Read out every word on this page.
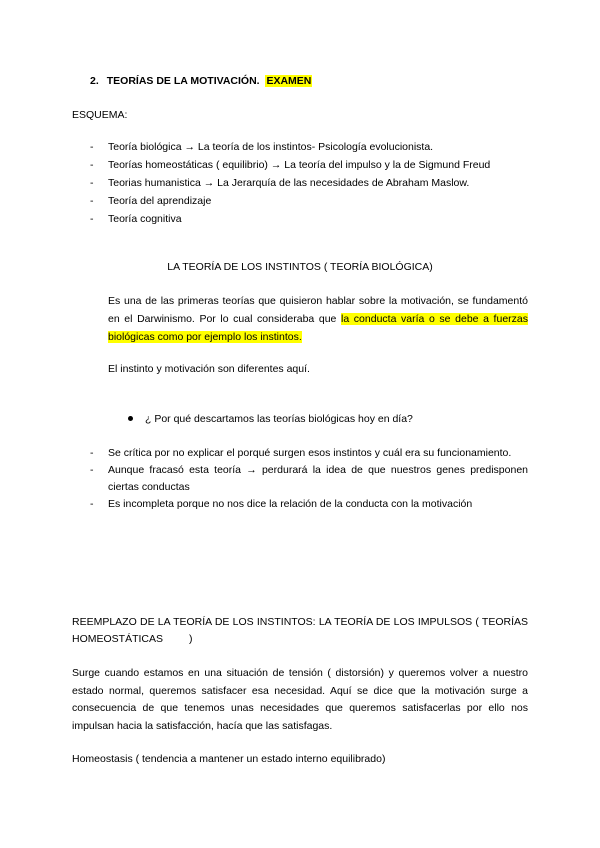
2. TEORÍAS DE LA MOTIVACIÓN. EXAMEN
ESQUEMA:
- Teoría biológica → La teoría de los instintos- Psicología evolucionista.
- Teorías homeostáticas ( equilibrio) → La teoría del impulso y la de Sigmund Freud
- Teorias humanistica → La Jerarquía de las necesidades de Abraham Maslow.
- Teoría del aprendizaje
- Teoría cognitiva
LA TEORÍA DE LOS INSTINTOS ( TEORÍA BIOLÓGICA)

Es una de las primeras teorías que quisieron hablar sobre la motivación, se fundamentó en el Darwinismo. Por lo cual consideraba que la conducta varía o se debe a fuerzas biológicas como por ejemplo los instintos.

El instinto y motivación son diferentes aquí.
¿ Por qué descartamos las teorías biológicas hoy en día?
- Se crítica por no explicar el porqué surgen esos instintos y cuál era su funcionamiento.
- Aunque fracasó esta teoría → perdurará la idea de que nuestros genes predisponen ciertas conductas
- Es incompleta porque no nos dice la relación de la conducta con la motivación
REEMPLAZO DE LA TEORÍA DE LOS INSTINTOS: LA TEORÍA DE LOS IMPULSOS ( TEORÍAS HOMEOSTÁTICAS )
Surge cuando estamos en una situación de tensión ( distorsión) y queremos volver a nuestro estado normal, queremos satisfacer esa necesidad. Aquí se dice que la motivación surge a consecuencia de que tenemos unas necesidades que queremos satisfacerlas por ello nos impulsan hacia la satisfacción, hacía que las satisfagas.
Homeostasis ( tendencia a mantener un estado interno equilibrado)
